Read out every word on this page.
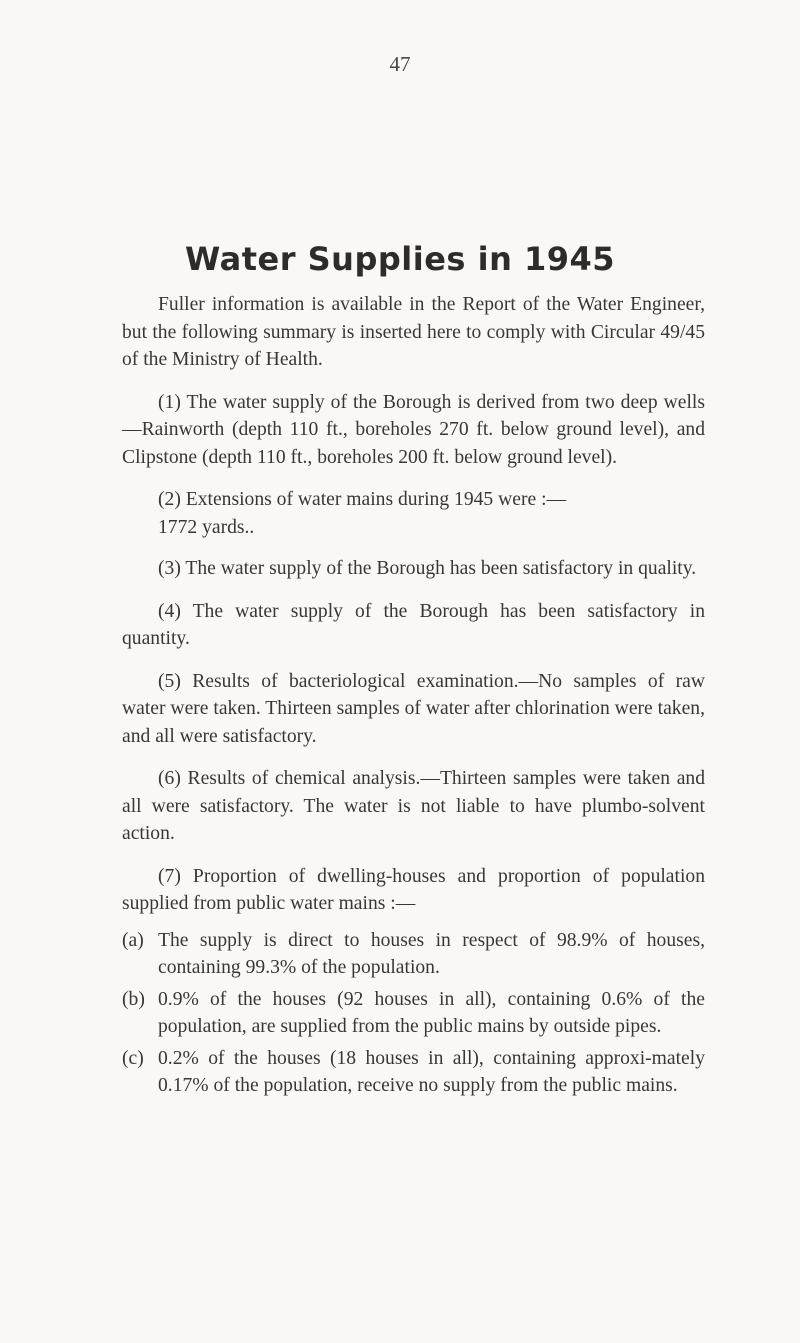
47
Water Supplies in 1945

Fuller information is available in the Report of the Water Engineer, but the following summary is inserted here to comply with Circular 49/45 of the Ministry of Health.

(1) The water supply of the Borough is derived from two deep wells—Rainworth (depth 110 ft., boreholes 270 ft. below ground level), and Clipstone (depth 110 ft., boreholes 200 ft. below ground level).

(2) Extensions of water mains during 1945 were :—
1772 yards..

(3) The water supply of the Borough has been satisfactory in quality.

(4) The water supply of the Borough has been satisfactory in quantity.

(5) Results of bacteriological examination.—No samples of raw water were taken. Thirteen samples of water after chlorination were taken, and all were satisfactory.

(6) Results of chemical analysis.—Thirteen samples were taken and all were satisfactory. The water is not liable to have plumbo-solvent action.

(7) Proportion of dwelling-houses and proportion of population supplied from public water mains :—

(a) The supply is direct to houses in respect of 98.9% of houses, containing 99.3% of the population.
(b) 0.9% of the houses (92 houses in all), containing 0.6% of the population, are supplied from the public mains by outside pipes.
(c) 0.2% of the houses (18 houses in all), containing approxi-mately 0.17% of the population, receive no supply from the public mains.
